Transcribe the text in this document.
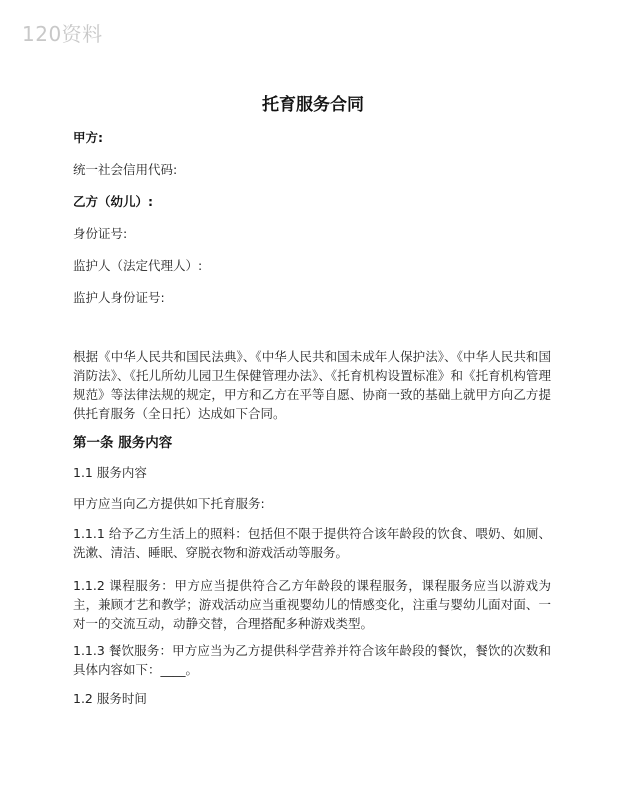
120资料
托育服务合同
甲方:
统一社会信用代码:
乙方（幼儿）:
身份证号:
监护人（法定代理人）:
监护人身份证号:
根据《中华人民共和国民法典》、《中华人民共和国未成年人保护法》、《中华人民共和国消防法》、《托儿所幼儿园卫生保健管理办法》、《托育机构设置标准》和《托育机构管理规范》等法律法规的规定，甲方和乙方在平等自愿、协商一致的基础上就甲方向乙方提供托育服务（全日托）达成如下合同。
第一条 服务内容
1.1 服务内容
甲方应当向乙方提供如下托育服务:
1.1.1 给予乙方生活上的照料：包括但不限于提供符合该年龄段的饮食、喂奶、如厕、洗漱、清洁、睡眠、穿脱衣物和游戏活动等服务。
1.1.2 课程服务：甲方应当提供符合乙方年龄段的课程服务，课程服务应当以游戏为主，兼顾才艺和教学；游戏活动应当重视婴幼儿的情感变化，注重与婴幼儿面对面、一对一的交流互动，动静交替，合理搭配多种游戏类型。
1.1.3 餐饮服务：甲方应当为乙方提供科学营养并符合该年龄段的餐饮，餐饮的次数和具体内容如下：____。
1.2 服务时间
